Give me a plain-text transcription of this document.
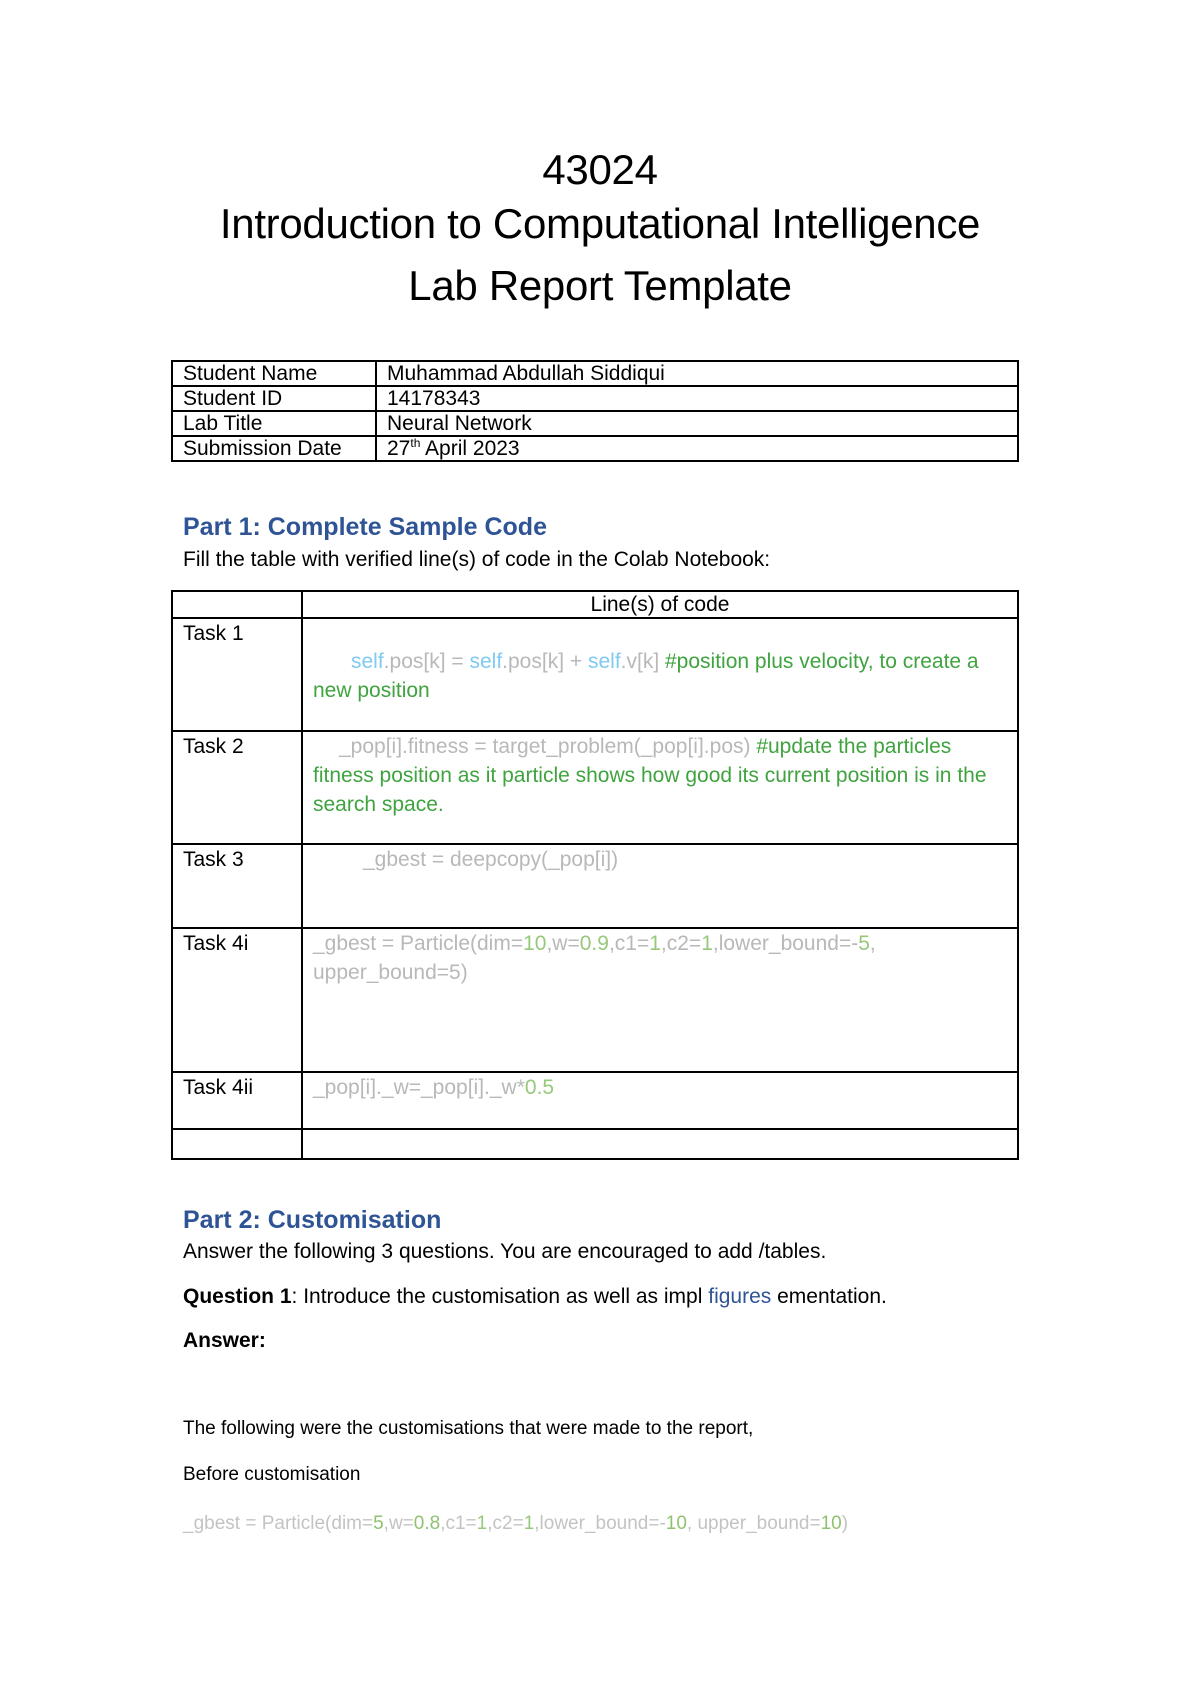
43024
Introduction to Computational Intelligence
Lab Report Template
Student Name	Muhammad Abdullah Siddiqui
Student ID	14178343
Lab Title	Neural Network
Submission Date	27th April 2023
Part 1: Complete Sample Code
Fill the table with verified line(s) of code in the Colab Notebook:
	Line(s) of code
Task 1	self.pos[k] = self.pos[k] + self.v[k] #position plus velocity, to create a new position
Task 2	_pop[i].fitness = target_problem(_pop[i].pos) #update the particles fitness position as it particle shows how good its current position is in the search space.
Task 3	_gbest = deepcopy(_pop[i])
Task 4i	_gbest = Particle(dim=10,w=0.9,c1=1,c2=1,lower_bound=-5, upper_bound=5)
Task 4ii	_pop[i]._w=_pop[i]._w*0.5

Part 2: Customisation
Answer the following 3 questions. You are encouraged to add /tables.
Question 1: Introduce the customisation as well as impl figures ementation.
Answer:
The following were the customisations that were made to the report,
Before customisation
_gbest = Particle(dim=5,w=0.8,c1=1,c2=1,lower_bound=-10, upper_bound=10)
